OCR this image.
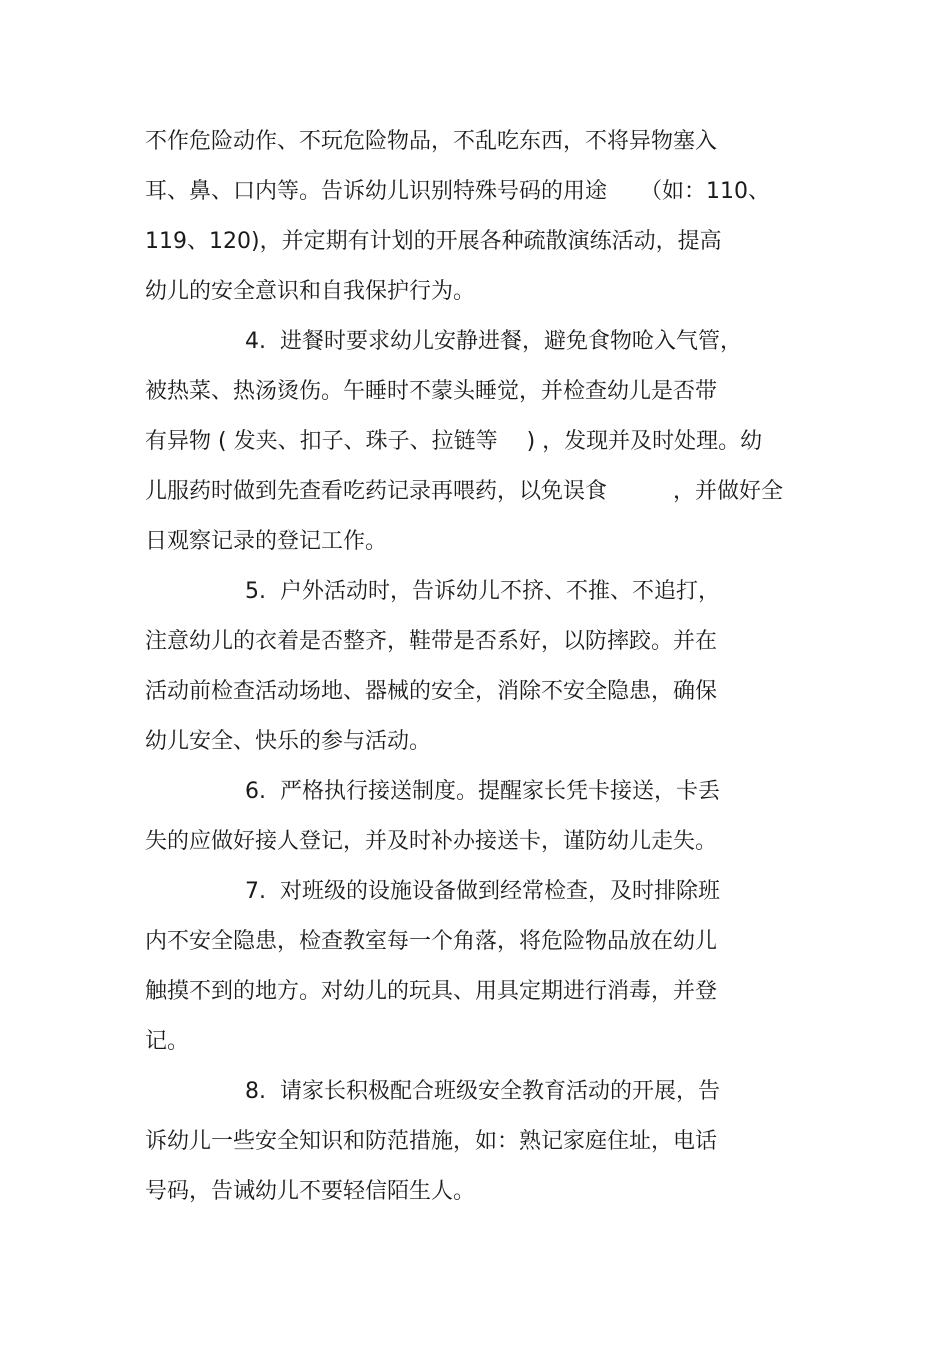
不作危险动作、不玩危险物品，不乱吃东西，不将异物塞入
耳、鼻、口内等。告诉幼儿识别特殊号码的用途　　（如：110、
119、120)，并定期有计划的开展各种疏散演练活动，提高
幼儿的安全意识和自我保护行为。
4.  进餐时要求幼儿安静进餐，避免食物呛入气管，
被热菜、热汤烫伤。午睡时不蒙头睡觉，并检查幼儿是否带
有异物 ( 发夹、扣子、珠子、拉链等　 ) ，发现并及时处理。幼
儿服药时做到先查看吃药记录再喂药，以免误食　　　，并做好全
日观察记录的登记工作。
5.  户外活动时，告诉幼儿不挤、不推、不追打，
注意幼儿的衣着是否整齐，鞋带是否系好，以防摔跤。并在
活动前检查活动场地、器械的安全，消除不安全隐患，确保
幼儿安全、快乐的参与活动。
6.  严格执行接送制度。提醒家长凭卡接送，卡丢
失的应做好接人登记，并及时补办接送卡，谨防幼儿走失。
7.  对班级的设施设备做到经常检查，及时排除班
内不安全隐患，检查教室每一个角落，将危险物品放在幼儿
触摸不到的地方。对幼儿的玩具、用具定期进行消毒，并登
记。
8.  请家长积极配合班级安全教育活动的开展，告
诉幼儿一些安全知识和防范措施，如：熟记家庭住址，电话
号码，告诫幼儿不要轻信陌生人。
